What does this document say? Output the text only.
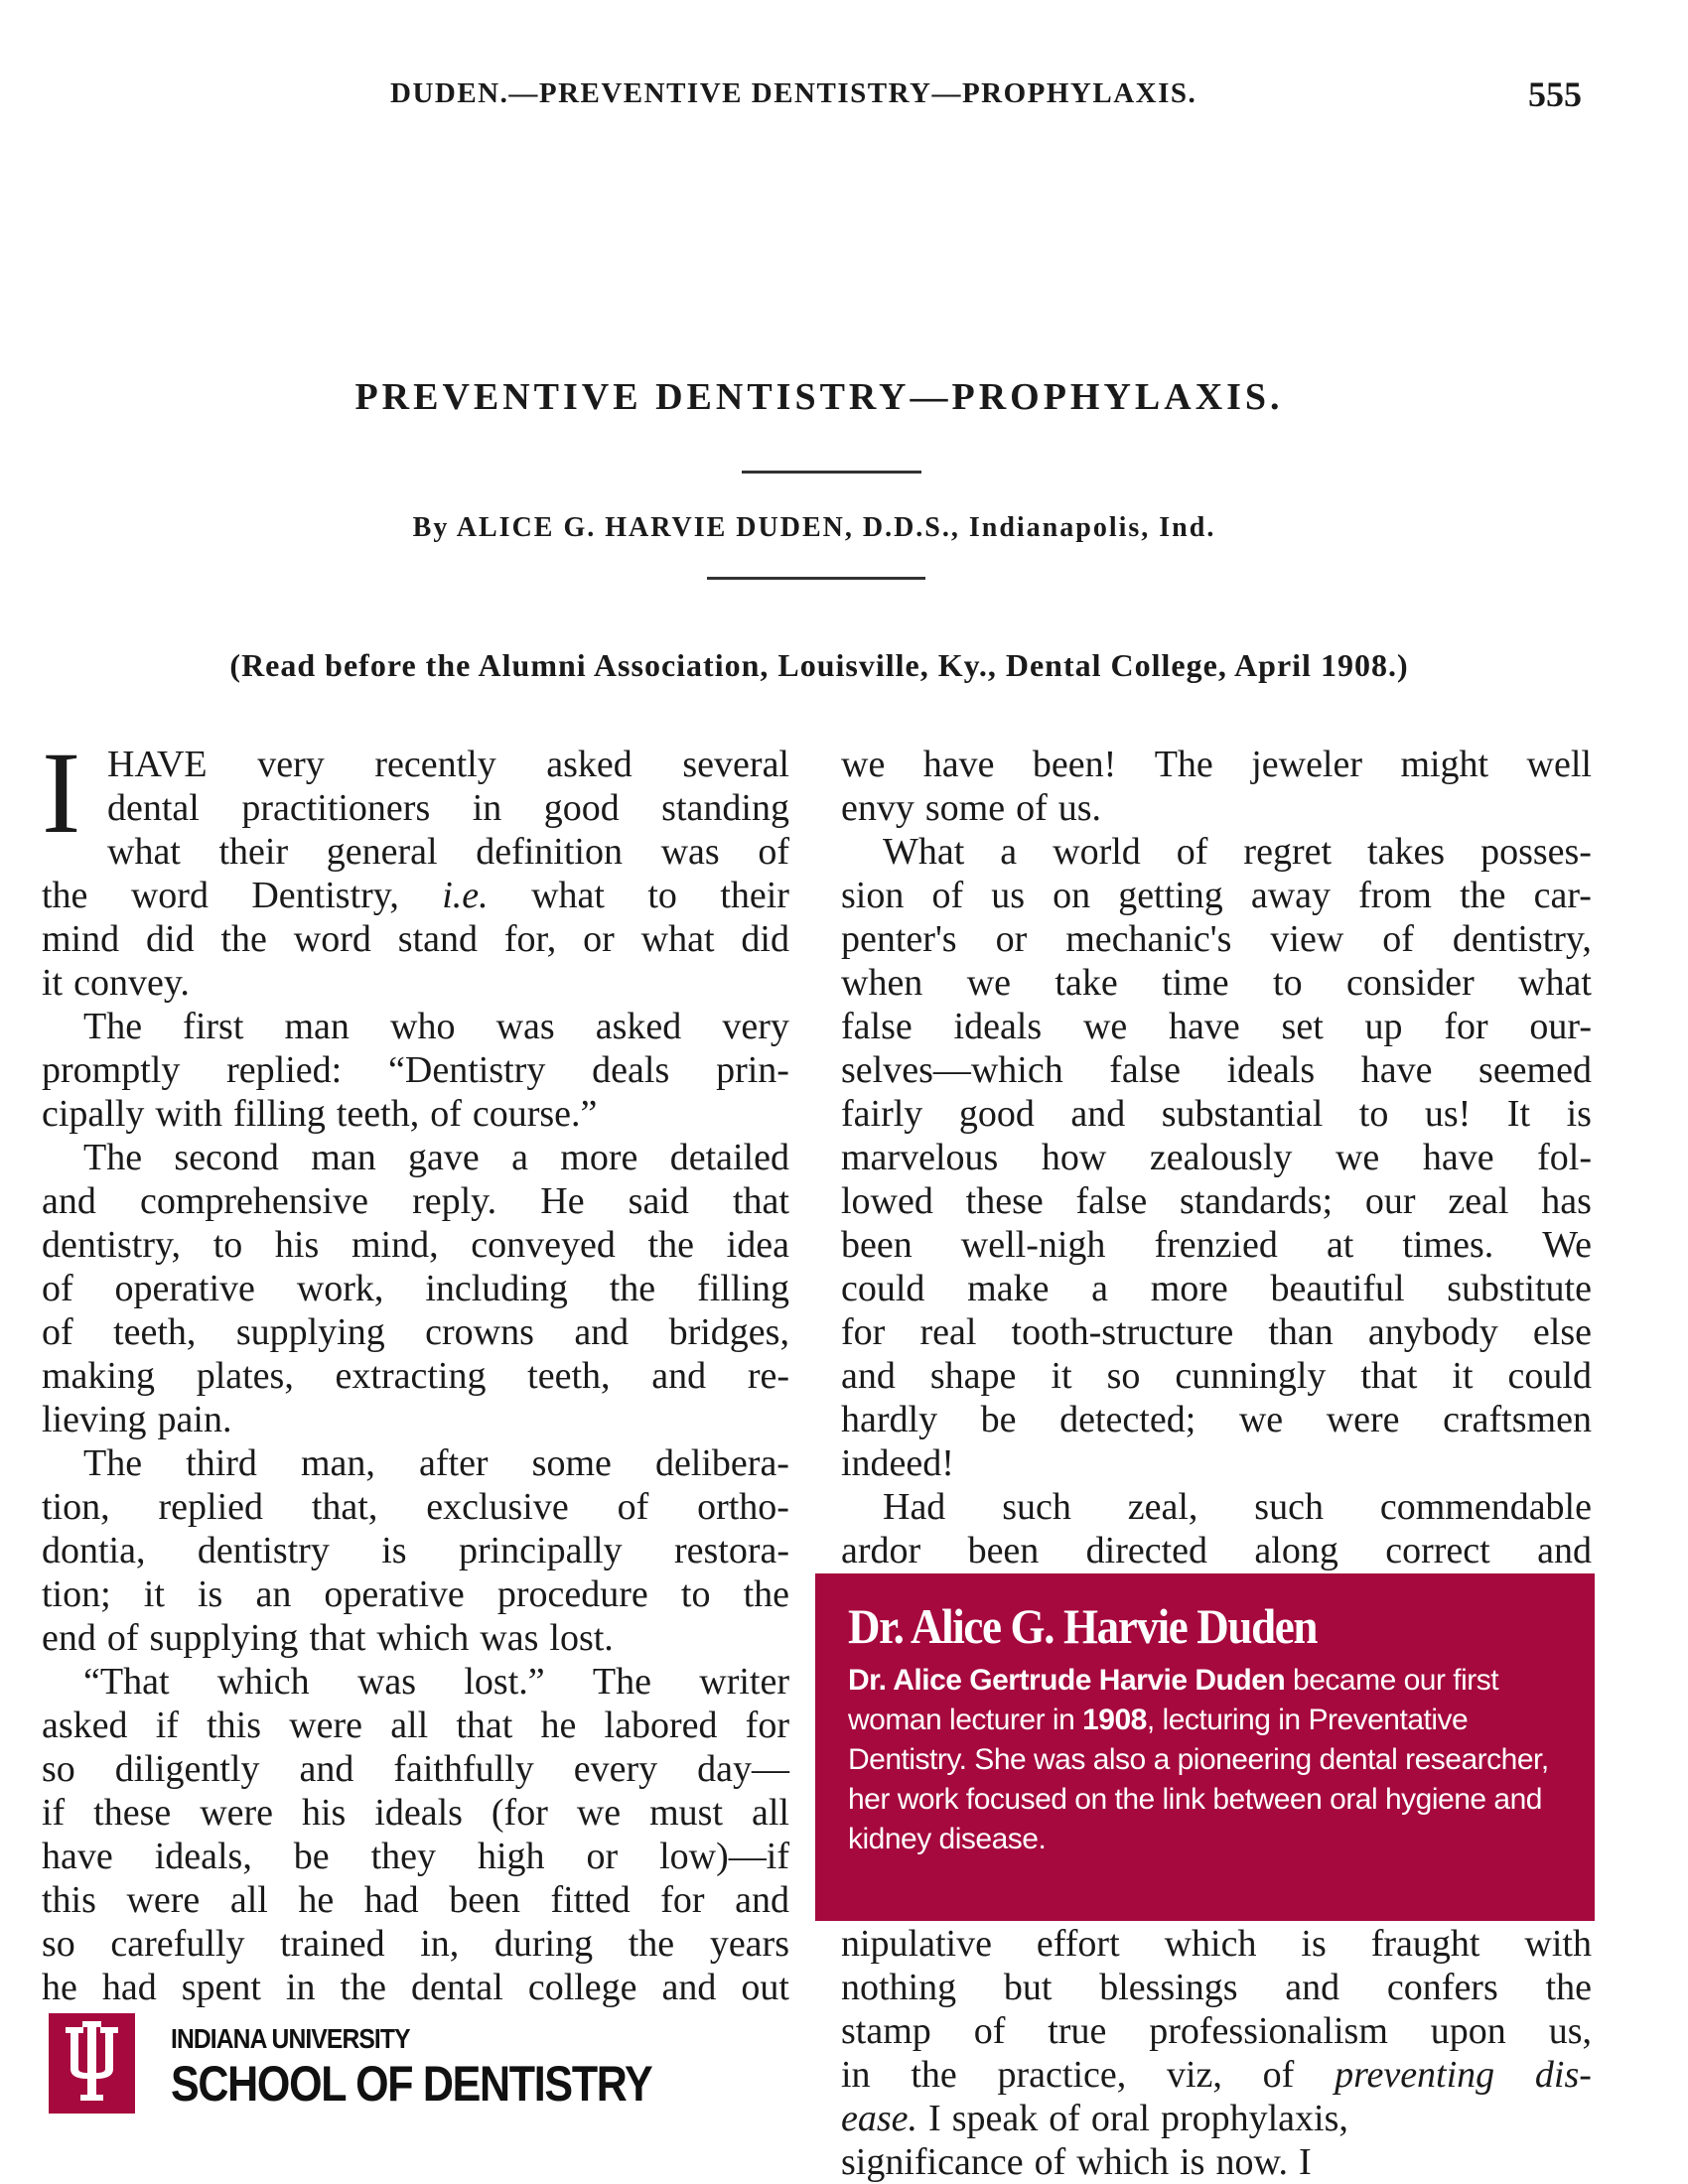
DUDEN.—PREVENTIVE DENTISTRY—PROPHYLAXIS.	555
PREVENTIVE DENTISTRY—PROPHYLAXIS.
By ALICE G. HARVIE DUDEN, D.D.S., Indianapolis, Ind.
(Read before the Alumni Association, Louisville, Ky., Dental College, April 1908.)
I HAVE very recently asked several
dental practitioners in good standing
what their general definition was of
the word Dentistry, i.e. what to their
mind did the word stand for, or what did
it convey.
The first man who was asked very
promptly replied: “Dentistry deals prin-
cipally with filling teeth, of course.”
The second man gave a more detailed
and comprehensive reply. He said that
dentistry, to his mind, conveyed the idea
of operative work, including the filling
of teeth, supplying crowns and bridges,
making plates, extracting teeth, and re-
lieving pain.
The third man, after some delibera-
tion, replied that, exclusive of ortho-
dontia, dentistry is principally restora-
tion; it is an operative procedure to the
end of supplying that which was lost.
“That which was lost.” The writer
asked if this were all that he labored for
so diligently and faithfully every day—
if these were his ideals (for we must all
have ideals, be they high or low)—if
this were all he had been fitted for and
so carefully trained in, during the years
he had spent in the dental college and out
we have been! The jeweler might well
envy some of us.
What a world of regret takes posses-
sion of us on getting away from the car-
penter's or mechanic's view of dentistry,
when we take time to consider what
false ideals we have set up for our-
selves—which false ideals have seemed
fairly good and substantial to us! It is
marvelous how zealously we have fol-
lowed these false standards; our zeal has
been well-nigh frenzied at times. We
could make a more beautiful substitute
for real tooth-structure than anybody else
and shape it so cunningly that it could
hardly be detected; we were craftsmen
indeed!
Had such zeal, such commendable
ardor been directed along correct and
nipulative effort which is fraught with
nothing but blessings and confers the
stamp of true professionalism upon us,
in the practice, viz, of preventing dis-
ease. I speak of oral prophylaxis,
significance of which is now. I
Dr. Alice G. Harvie Duden
Dr. Alice Gertrude Harvie Duden became our first woman lecturer in 1908, lecturing in Preventative Dentistry. She was also a pioneering dental researcher, her work focused on the link between oral hygiene and kidney disease.
INDIANA UNIVERSITY
SCHOOL OF DENTISTRY
